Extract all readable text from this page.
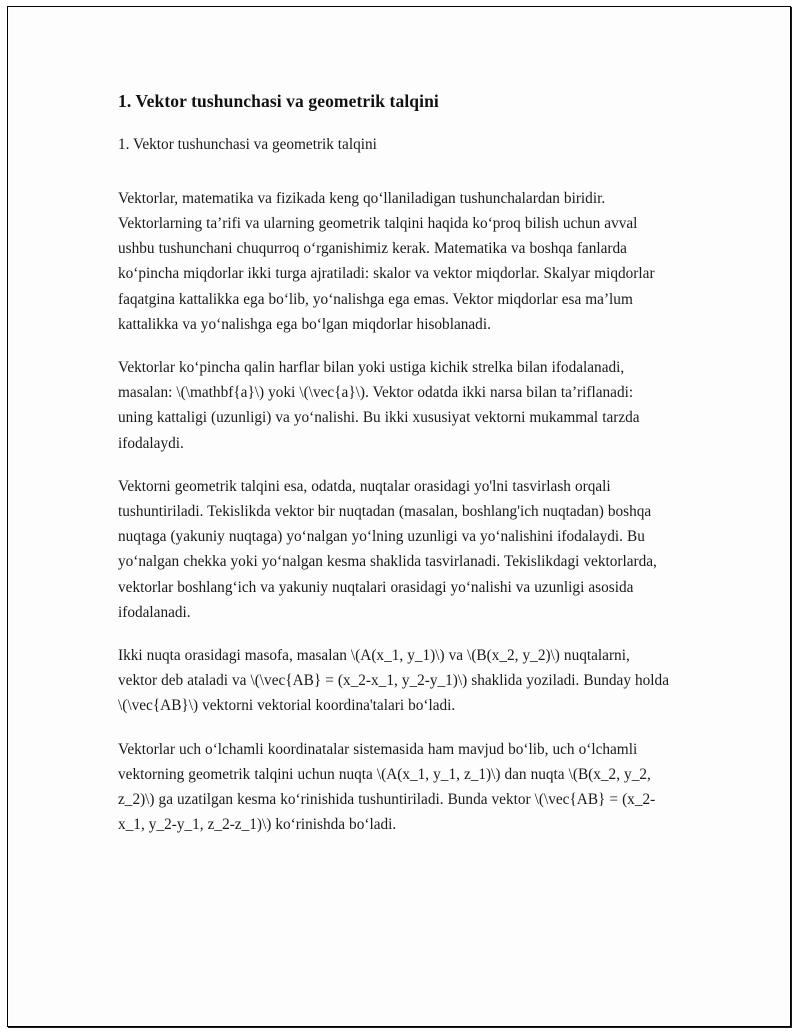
1. Vektor tushunchasi va geometrik talqini

1. Vektor tushunchasi va geometrik talqini

Vektorlar, matematika va fizikada keng qoʻllaniladigan tushunchalardan biridir. Vektorlarning ta’rifi va ularning geometrik talqini haqida koʻproq bilish uchun avval ushbu tushunchani chuqurroq oʻrganishimiz kerak. Matematika va boshqa fanlarda koʻpincha miqdorlar ikki turga ajratiladi: skalor va vektor miqdorlar. Skalyar miqdorlar faqatgina kattalikka ega boʻlib, yoʻnalishga ega emas. Vektor miqdorlar esa ma’lum kattalikka va yoʻnalishga ega boʻlgan miqdorlar hisoblanadi.

Vektorlar koʻpincha qalin harflar bilan yoki ustiga kichik strelka bilan ifodalanadi, masalan: \(\mathbf{a}\) yoki \(\vec{a}\). Vektor odatda ikki narsa bilan ta’riflanadi: uning kattaligi (uzunligi) va yoʻnalishi. Bu ikki xususiyat vektorni mukammal tarzda ifodalaydi.

Vektorni geometrik talqini esa, odatda, nuqtalar orasidagi yo'lni tasvirlash orqali tushuntiriladi. Tekislikda vektor bir nuqtadan (masalan, boshlang'ich nuqtadan) boshqa nuqtaga (yakuniy nuqtaga) yoʻnalgan yoʻlning uzunligi va yoʻnalishini ifodalaydi. Bu yoʻnalgan chekka yoki yoʻnalgan kesma shaklida tasvirlanadi. Tekislikdagi vektorlarda, vektorlar boshlangʻich va yakuniy nuqtalari orasidagi yoʻnalishi va uzunligi asosida ifodalanadi.

Ikki nuqta orasidagi masofa, masalan \(A(x_1, y_1)\) va \(B(x_2, y_2)\) nuqtalarni, vektor deb ataladi va \(\vec{AB} = (x_2-x_1, y_2-y_1)\) shaklida yoziladi. Bunday holda \(\vec{AB}\) vektorni vektorial koordina'talari boʻladi.

Vektorlar uch oʻlchamli koordinatalar sistemasida ham mavjud boʻlib, uch oʻlchamli vektorning geometrik talqini uchun nuqta \(A(x_1, y_1, z_1)\) dan nuqta \(B(x_2, y_2, z_2)\) ga uzatilgan kesma koʻrinishida tushuntiriladi. Bunda vektor \(\vec{AB} = (x_2-x_1, y_2-y_1, z_2-z_1)\) koʻrinishda boʻladi.
